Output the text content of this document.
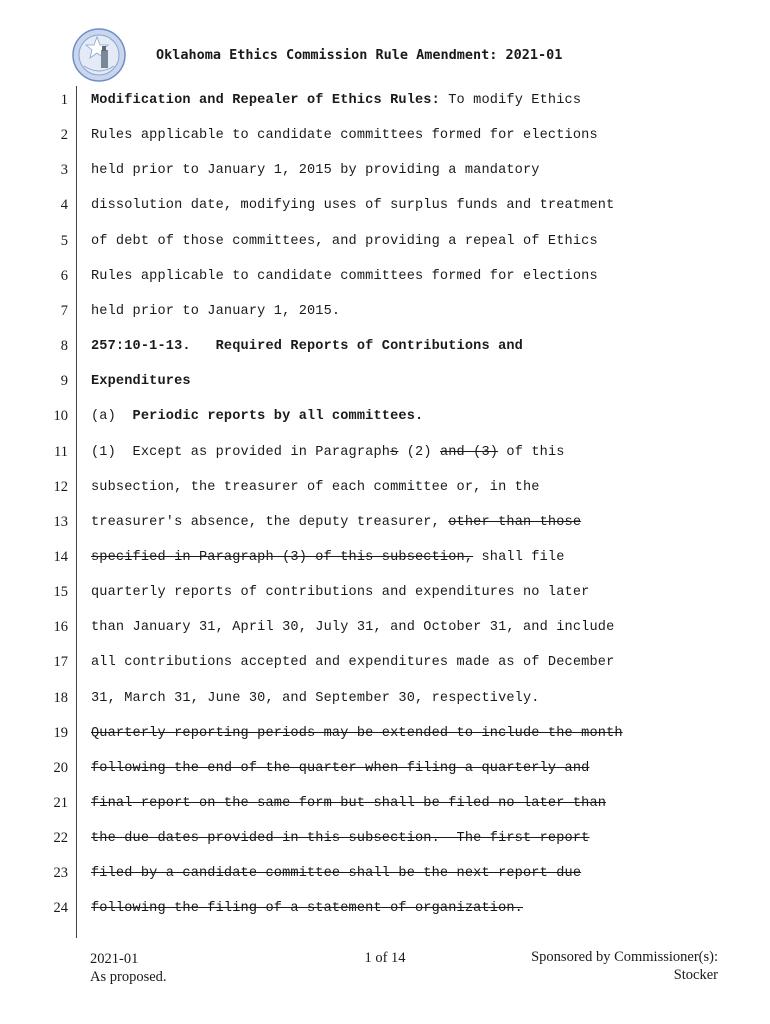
Oklahoma Ethics Commission Rule Amendment: 2021-01
1 Modification and Repealer of Ethics Rules: To modify Ethics
2 Rules applicable to candidate committees formed for elections
3 held prior to January 1, 2015 by providing a mandatory
4 dissolution date, modifying uses of surplus funds and treatment
5 of debt of those committees, and providing a repeal of Ethics
6 Rules applicable to candidate committees formed for elections
7 held prior to January 1, 2015.
8 257:10-1-13.   Required Reports of Contributions and
9 Expenditures
10 (a)  Periodic reports by all committees.
11 (1)  Except as provided in Paragraphs (2) and (3) of this
12 subsection, the treasurer of each committee or, in the
13 treasurer's absence, the deputy treasurer, other than those
14 specified in Paragraph (3) of this subsection, shall file
15 quarterly reports of contributions and expenditures no later
16 than January 31, April 30, July 31, and October 31, and include
17 all contributions accepted and expenditures made as of December
18 31, March 31, June 30, and September 30, respectively.
19 Quarterly reporting periods may be extended to include the month
20 following the end of the quarter when filing a quarterly and
21 final report on the same form but shall be filed no later than
22 the due dates provided in this subsection.  The first report
23 filed by a candidate committee shall be the next report due
24 following the filing of a statement of organization.
2021-01
As proposed.
1 of 14	Sponsored by Commissioner(s):
Stocker
